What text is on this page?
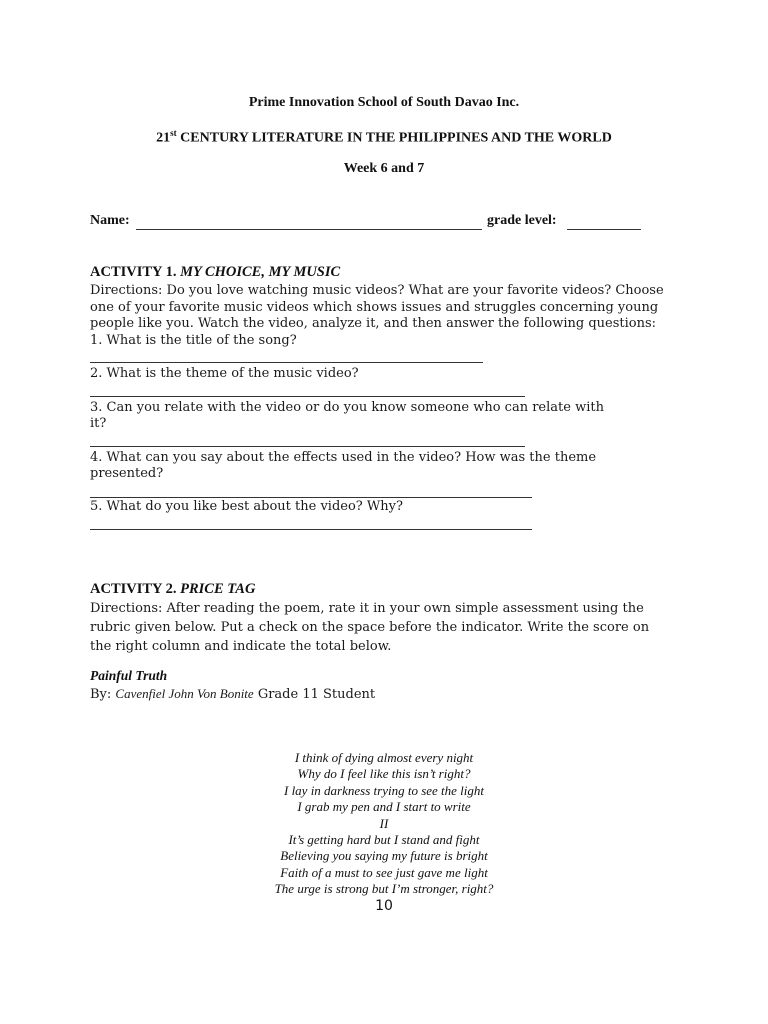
Prime Innovation School of South Davao Inc.
21st CENTURY LITERATURE IN THE PHILIPPINES AND THE WORLD
Week 6 and 7
Name:	grade level:
ACTIVITY 1. MY CHOICE, MY MUSIC
Directions: Do you love watching music videos? What are your favorite videos? Choose
one of your favorite music videos which shows issues and struggles concerning young
people like you. Watch the video, analyze it, and then answer the following questions:
1. What is the title of the song?
2. What is the theme of the music video?
3. Can you relate with the video or do you know someone who can relate with
it?
4. What can you say about the effects used in the video? How was the theme
presented?
5. What do you like best about the video? Why?
ACTIVITY 2. PRICE TAG
Directions: After reading the poem, rate it in your own simple assessment using the
rubric given below. Put a check on the space before the indicator. Write the score on
the right column and indicate the total below.
Painful Truth
By: Cavenfiel John Von Bonite Grade 11 Student
I think of dying almost every night
Why do I feel like this isn’t right?
I lay in darkness trying to see the light
I grab my pen and I start to write
II
It’s getting hard but I stand and fight
Believing you saying my future is bright
Faith of a must to see just gave me light
The urge is strong but I’m stronger, right?
10
